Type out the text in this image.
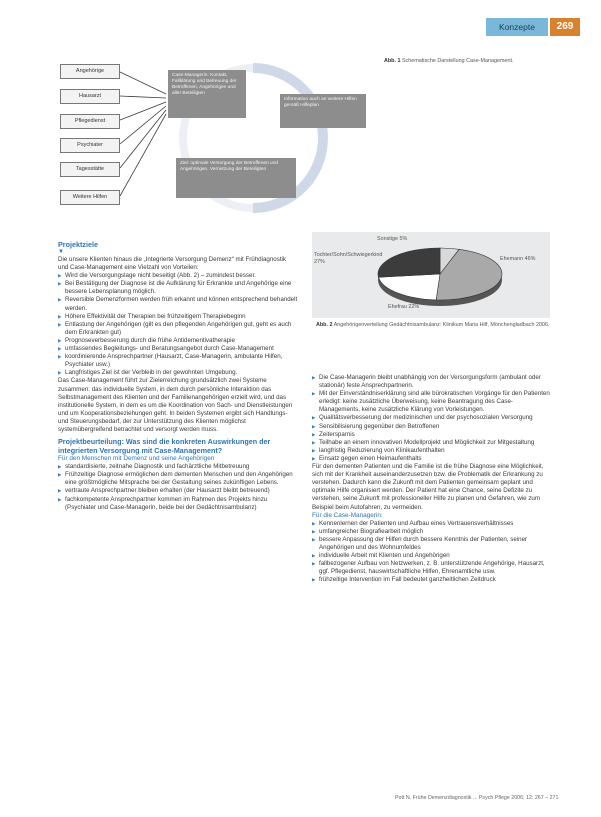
Konzepte	269
Angehörige
Hausarzt
Pflegedienst
Psychiater
Tagesstätte
Weitere Hilfen
Case-Managerin: Kontakt, Fallklärung und Betreuung der Betroffenen, Angehörigen und aller Beteiligten
Information auch an weitere Hilfen gemäß Hilfeplan
Ziel: optimale Versorgung der Betroffenen und Angehörigen, Vernetzung der Beteiligten
Abb. 1 Schematische Darstellung Case-Management.
Sonstige 5%
Ehemann 46%
Ehefrau 22%
Tochter/Sohn/Schwiegerkind 27%
Abb. 2 Angehörigenverteilung Gedächtnisambulanz: Klinikum Maria Hilf, Mönchengladbach 2006.
Projektziele
▼

Die unsere Klienten hinaus die „Integrierte Versorgung Demenz“ mit Frühdiagnostik und Case-Management eine Vielzahl von Vorteilen:

▶ Wird die Versorgungslage nicht beseitigt (Abb. 2) – zumindest besser.
▶ Bei Bestätigung der Diagnose ist die Aufklärung für Erkrankte und Angehörige eine bessere Lebensplanung möglich.
▶ Reversible Demenzformen werden früh erkannt und können entsprechend behandelt werden.
▶ Höhere Effektivität der Therapien bei frühzeitigem Therapiebeginn
▶ Entlastung der Angehörigen (gilt es den pflegenden Angehörigen gut, geht es auch dem Erkrankten gut)
▶ Prognoseverbesserung durch die frühe Antidementivatherapie
▶ umfassendes Begleitungs- und Beratungsangebot durch Case-Management
▶ koordinierende Ansprechpartner (Hausarzt, Case-Managerin, ambulante Hilfen, Psychiater usw.)
▶ Langfristiges Ziel ist der Verbleib in der gewohnten Umgebung.

Das Case-Management führt zur Zielerreichung grundsätzlich zwei Systeme zusammen: das individuelle System, in dem durch persönliche Interaktion das Selbstmanagement des Klienten und der Familienangehörigen erzielt wird, und das institutionelle System, in dem es um die Koordination von Sach- und Dienstleistungen und um Kooperationsbeziehungen geht. In beiden Systemen ergibt sich Handlungs- und Steuerungsbedarf, der zur Unterstützung des Klienten möglichst systemübergreifend betrachtet und versorgt werden muss.

Projektbeurteilung: Was sind die konkreten Auswirkungen der integrierten Versorgung mit Case-Management?
Für den Menschen mit Demenz und seine Angehörigen
▶ standardisierte, zeitnahe Diagnostik und fachärztliche Mitbetreuung
▶ Frühzeitige Diagnose ermöglichen dem dementen Menschen und den Angehörigen eine größtmögliche Mitsprache bei der Gestaltung seines zukünftigen Lebens.
▶ vertraute Ansprechpartner bleiben erhalten (der Hausarzt bleibt betreuend)
▶ fachkompetente Ansprechpartner kommen im Rahmen des Projekts hinzu (Psychiater und Case-Managerin, beide bei der Gedächtnisambulanz)
▶ Die Case-Managerin bleibt unabhängig von der Versorgungsform (ambulant oder stationär) feste Ansprechpartnerin.
▶ Mit der Einverständniserklärung sind alle bürokratischen Vorgänge für den Patienten erledigt: keine zusätzliche Überweisung, keine Beantragung des Case-Managements, keine zusätzliche Klärung von Vorleistungen.
▶ Qualitätsverbesserung der medizinischen und der psychosozialen Versorgung
▶ Sensibilisierung gegenüber den Betroffenen
▶ Zeitersparnis
▶ Teilhabe an einem innovativen Modellprojekt und Möglichkeit zur Mitgestaltung
▶ langfristig Reduzierung von Klinikaufenthalten
▶ Einsatz gegen einen Heimaufenthalts

Für den dementen Patienten und die Familie ist die frühe Diagnose eine Möglichkeit, sich mit der Krankheit auseinanderzusetzen bzw. die Problematik der Erkrankung zu verstehen. Dadurch kann die Zukunft mit dem Patienten gemeinsam geplant und optimale Hilfe organisiert werden. Der Patient hat eine Chance, seine Defizite zu verstehen, seine Zukunft mit professioneller Hilfe zu planen und Gefahren, wie zum Beispiel beim Autofahren, zu vermeiden.

Für die Case-Managerin:
▶ Kennenlernen der Patienten und Aufbau eines Vertrauensverhältnisses
▶ umfangreicher Biografiearbeit möglich
▶ bessere Anpassung der Hilfen durch bessere Kenntnis der Patienten, seiner Angehörigen und des Wohnumfeldes
▶ individuelle Arbeit mit Klienten und Angehörigen
▶ fallbezogener Aufbau von Netzwerken, z. B. unterstützende Angehörige, Hausarzt, ggf. Pflegedienst, hauswirtschaftliche Hilfen, Ehrenamtliche usw.
▶ frühzeitige Intervention im Fall bedeutet ganzheitlichen Zeitdruck
Pott N. Frühe Demenzdiagnostik ... Psych Pflege 2006; 12: 267 – 271
